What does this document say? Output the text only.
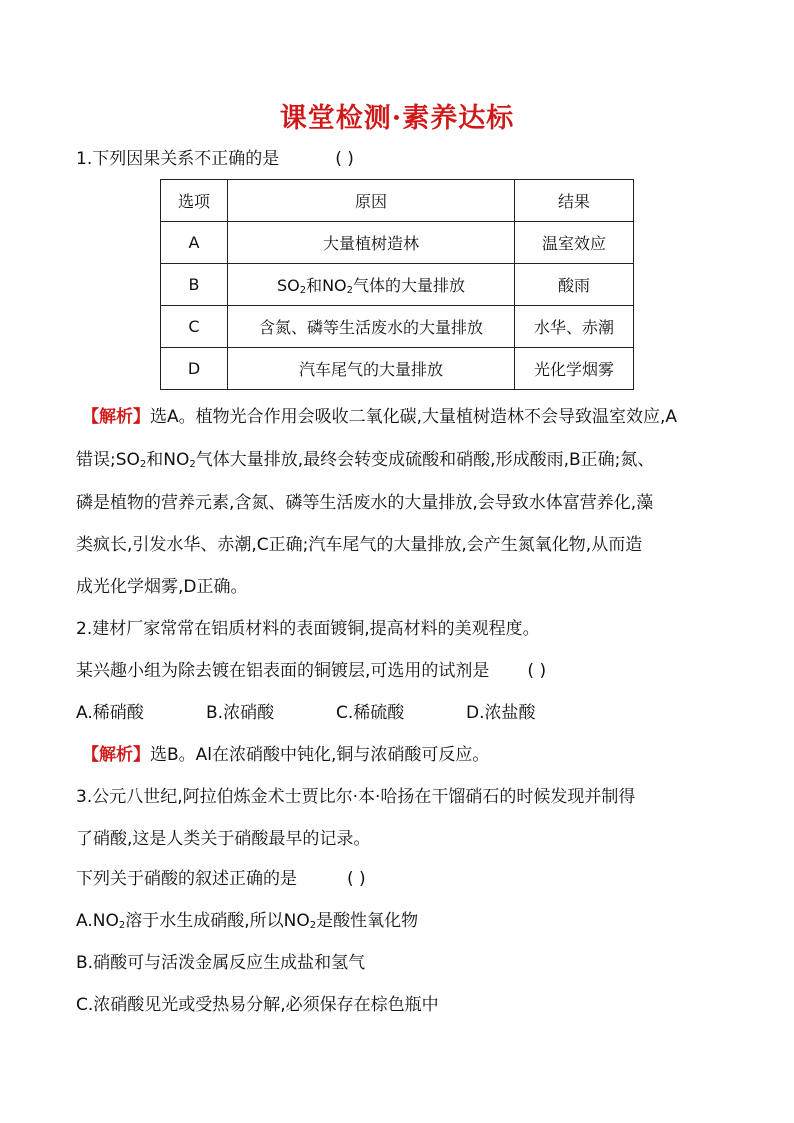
课堂检测·素养达标
1.下列因果关系不正确的是	( )
选项	原因	结果
A	大量植树造林	温室效应
B	$SO_2$和$NO_2$气体的大量排放	酸雨
C	含氮、磷等生活废水的大量排放	水华、赤潮
D	汽车尾气的大量排放	光化学烟雾
【解析】选A。植物光合作用会吸收二氧化碳,大量植树造林不会导致温室效应,A
错误$;SO_2$和$NO_2$气体大量排放,最终会转变成硫酸和硝酸,形成酸雨,B正确;氮、
磷是植物的营养元素,含氮、磷等生活废水的大量排放,会导致水体富营养化,藻
类疯长,引发水华、赤潮,C正确;汽车尾气的大量排放,会产生氮氧化物,从而造
成光化学烟雾,D正确。
2.建材厂家常常在铝质材料的表面镀铜,提高材料的美观程度。
某兴趣小组为除去镀在铝表面的铜镀层,可选用的试剂是 ( )
A.稀硝酸	B.浓硝酸	C.稀硫酸	D.浓盐酸
【解析】选B。Al在浓硝酸中钝化,铜与浓硝酸可反应。
3.公元八世纪,阿拉伯炼金术士贾比尔·本·哈扬在干馏硝石的时候发现并制得
了硝酸,这是人类关于硝酸最早的记录。
下列关于硝酸的叙述正确的是	( )
$A.NO_2$溶于水生成硝酸,所以$NO_2$是酸性氧化物
B.硝酸可与活泼金属反应生成盐和氢气
C.浓硝酸见光或受热易分解,必须保存在棕色瓶中
